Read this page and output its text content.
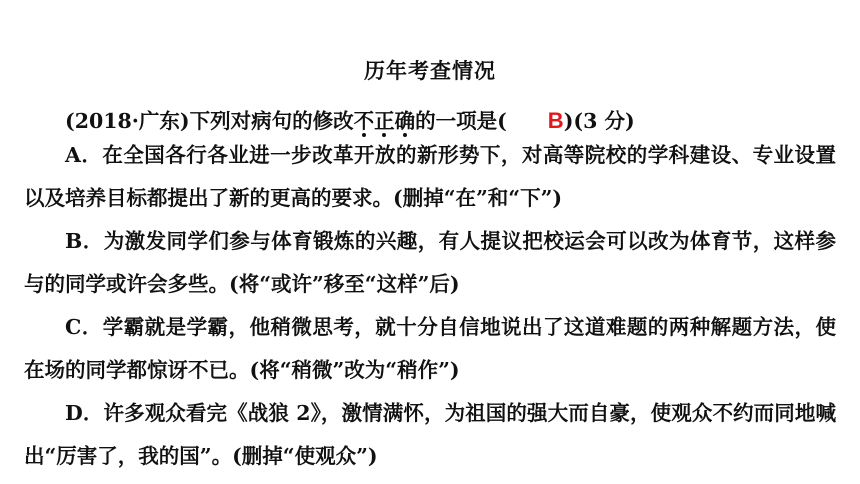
历年考查情况
(2018·广东)下列对病句的修改不正确的一项是( B)(3 分)
A．在全国各行各业进一步改革开放的新形势下，对高等院校的学科建设、专业设置以及培养目标都提出了新的更高的要求。(删掉“在”和“下”)
B．为激发同学们参与体育锻炼的兴趣，有人提议把校运会可以改为体育节，这样参与的同学或许会多些。(将“或许”移至“这样”后)
C．学霸就是学霸，他稍微思考，就十分自信地说出了这道难题的两种解题方法，使在场的同学都惊讶不已。(将“稍微”改为“稍作”)
D．许多观众看完《战狼 2》，激情满怀，为祖国的强大而自豪，使观众不约而同地喊出“厉害了，我的国”。(删掉“使观众”)
